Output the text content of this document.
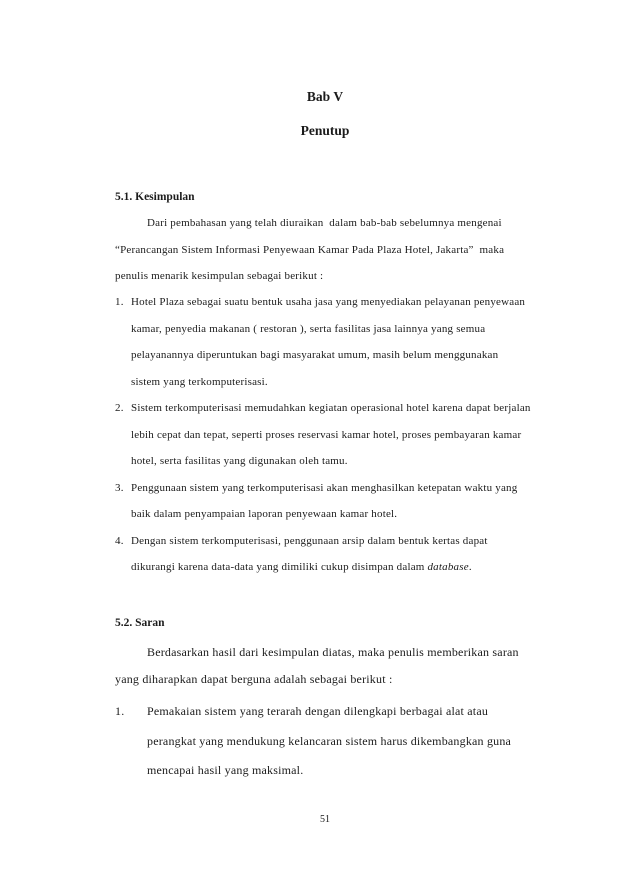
Bab V
Penutup
5.1. Kesimpulan
Dari pembahasan yang telah diuraikan  dalam bab-bab sebelumnya mengenai
“Perancangan Sistem Informasi Penyewaan Kamar Pada Plaza Hotel, Jakarta”  maka
penulis menarik kesimpulan sebagai berikut :
1. Hotel Plaza sebagai suatu bentuk usaha jasa yang menyediakan pelayanan penyewaan
kamar, penyedia makanan ( restoran ), serta fasilitas jasa lainnya yang semua
pelayanannya diperuntukan bagi masyarakat umum, masih belum menggunakan
sistem yang terkomputerisasi.
2. Sistem terkomputerisasi memudahkan kegiatan operasional hotel karena dapat berjalan
lebih cepat dan tepat, seperti proses reservasi kamar hotel, proses pembayaran kamar
hotel, serta fasilitas yang digunakan oleh tamu.
3. Penggunaan sistem yang terkomputerisasi akan menghasilkan ketepatan waktu yang
baik dalam penyampaian laporan penyewaan kamar hotel.
4. Dengan sistem terkomputerisasi, penggunaan arsip dalam bentuk kertas dapat
dikurangi karena data-data yang dimiliki cukup disimpan dalam database.
5.2. Saran
Berdasarkan hasil dari kesimpulan diatas, maka penulis memberikan saran
yang diharapkan dapat berguna adalah sebagai berikut :
1. Pemakaian sistem yang terarah dengan dilengkapi berbagai alat atau
perangkat yang mendukung kelancaran sistem harus dikembangkan guna
mencapai hasil yang maksimal.
51
